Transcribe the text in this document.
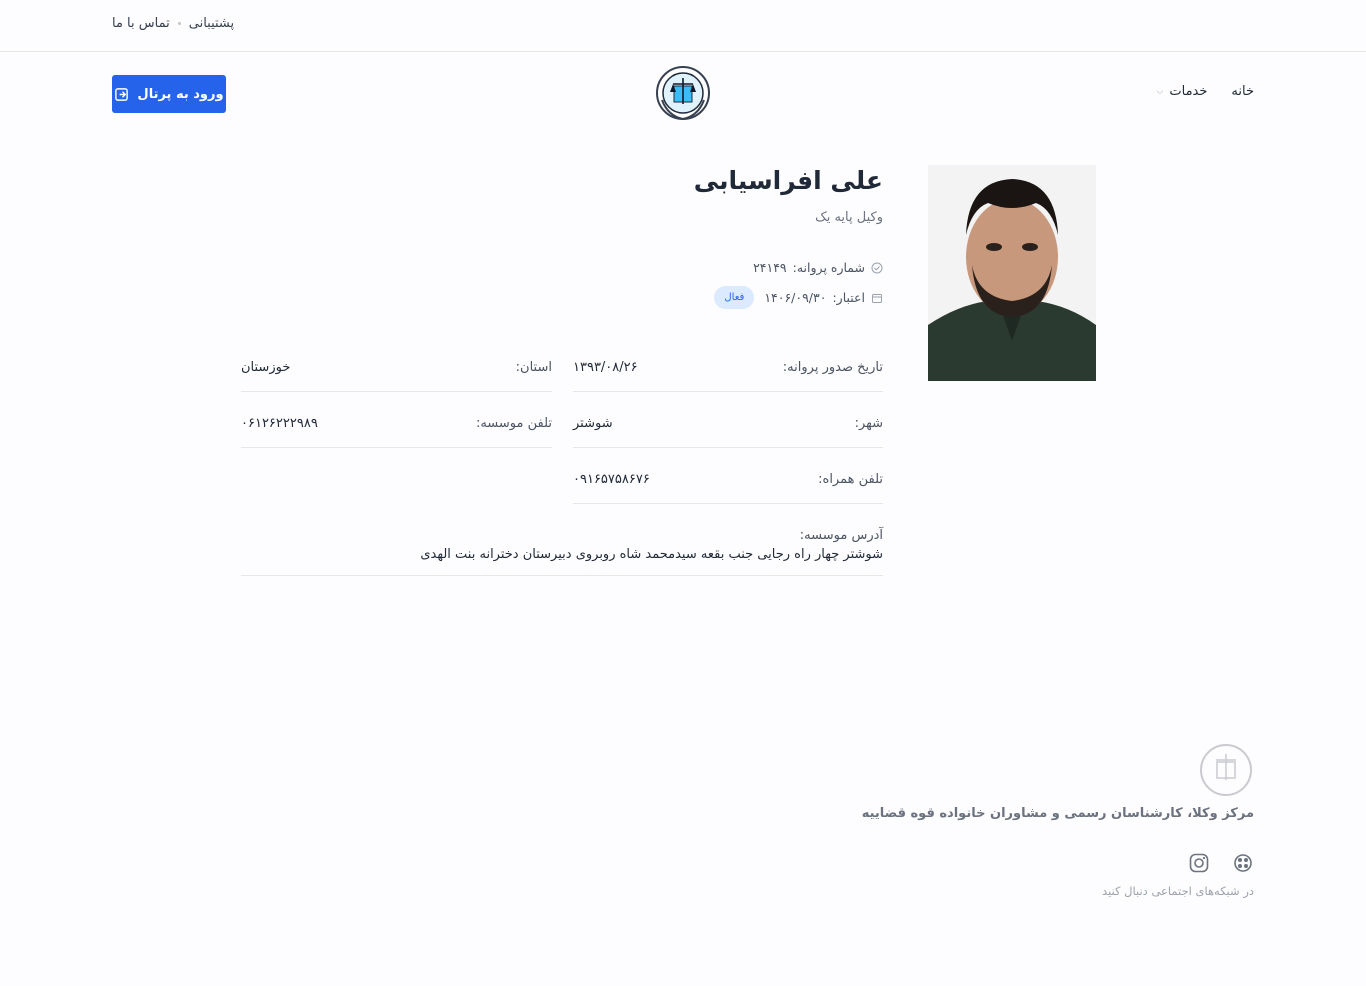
پشتیبانی
تماس با ما
خانه
خدمات
⌵
ورود به پرتال
علی افراسیابی
وکیل پایه یک
شماره پروانه:
۲۴۱۴۹
اعتبار:
۱۴۰۶/۰۹/۳۰
فعال
تاریخ صدور پروانه:
۱۳۹۳/۰۸/۲۶
استان:
خوزستان
شهر:
شوشتر
تلفن موسسه:
۰۶۱۲۶۲۲۲۹۸۹
تلفن همراه:
۰۹۱۶۵۷۵۸۶۷۶
آدرس موسسه:
شوشتر چهار راه رجایی جنب بقعه سیدمحمد شاه روبروی دبیرستان دخترانه بنت الهدی
مرکز وکلا، کارشناسان رسمی و مشاوران خانواده قوه قضاییه
در شبکه‌های اجتماعی دنبال کنید
